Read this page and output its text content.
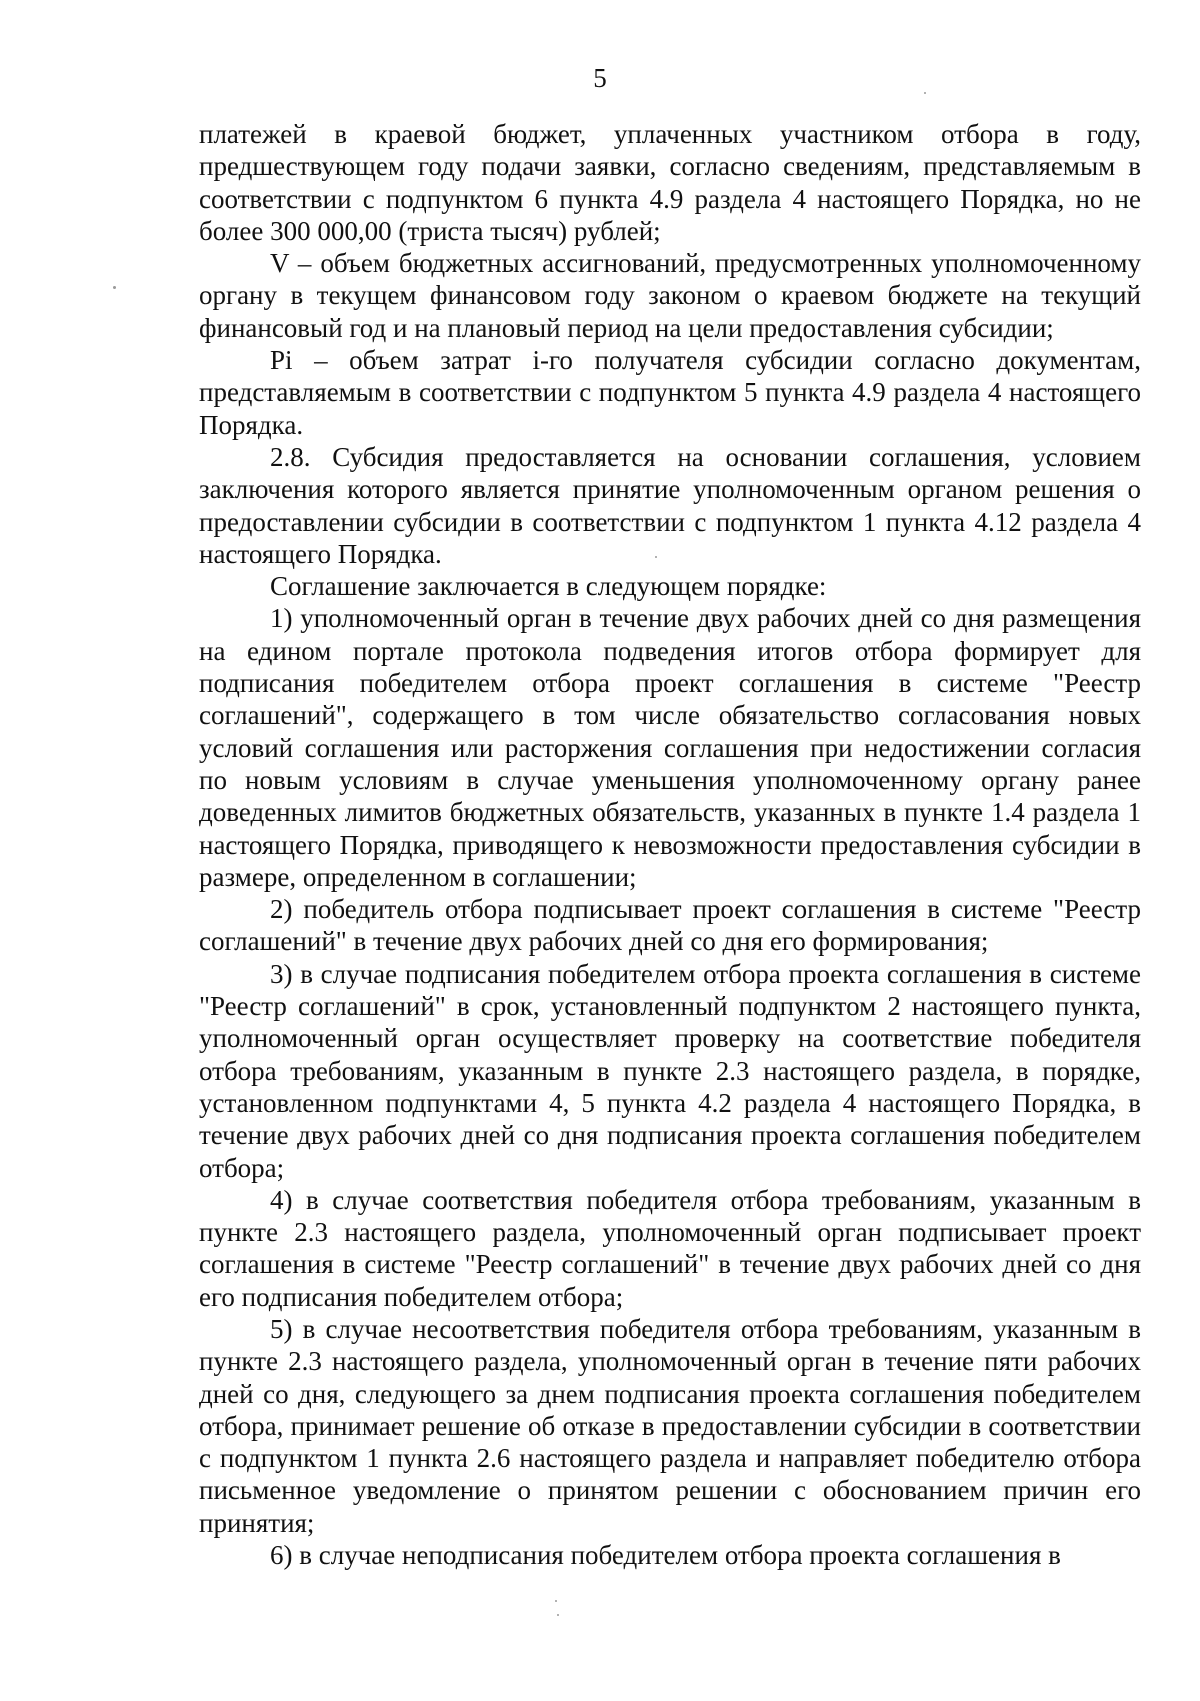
5

платежей в краевой бюджет, уплаченных участником отбора в году, предшествующем году подачи заявки, согласно сведениям, представляемым в соответствии с подпунктом 6 пункта 4.9 раздела 4 настоящего Порядка, но не более 300 000,00 (триста тысяч) рублей;

V – объем бюджетных ассигнований, предусмотренных уполномоченному органу в текущем финансовом году законом о краевом бюджете на текущий финансовый год и на плановый период на цели предоставления субсидии;

Pi – объем затрат i-го получателя субсидии согласно документам, представляемым в соответствии с подпунктом 5 пункта 4.9 раздела 4 настоящего Порядка.

2.8. Субсидия предоставляется на основании соглашения, условием заключения которого является принятие уполномоченным органом решения о предоставлении субсидии в соответствии с подпунктом 1 пункта 4.12 раздела 4 настоящего Порядка.

Соглашение заключается в следующем порядке:

1) уполномоченный орган в течение двух рабочих дней со дня размещения на едином портале протокола подведения итогов отбора формирует для подписания победителем отбора проект соглашения в системе "Реестр соглашений", содержащего в том числе обязательство согласования новых условий соглашения или расторжения соглашения при недостижении согласия по новым условиям в случае уменьшения уполномоченному органу ранее доведенных лимитов бюджетных обязательств, указанных в пункте 1.4 раздела 1 настоящего Порядка, приводящего к невозможности предоставления субсидии в размере, определенном в соглашении;

2) победитель отбора подписывает проект соглашения в системе "Реестр соглашений" в течение двух рабочих дней со дня его формирования;

3) в случае подписания победителем отбора проекта соглашения в системе "Реестр соглашений" в срок, установленный подпунктом 2 настоящего пункта, уполномоченный орган осуществляет проверку на соответствие победителя отбора требованиям, указанным в пункте 2.3 настоящего раздела, в порядке, установленном подпунктами 4, 5 пункта 4.2 раздела 4 настоящего Порядка, в течение двух рабочих дней со дня подписания проекта соглашения победителем отбора;

4) в случае соответствия победителя отбора требованиям, указанным в пункте 2.3 настоящего раздела, уполномоченный орган подписывает проект соглашения в системе "Реестр соглашений" в течение двух рабочих дней со дня его подписания победителем отбора;

5) в случае несоответствия победителя отбора требованиям, указанным в пункте 2.3 настоящего раздела, уполномоченный орган в течение пяти рабочих дней со дня, следующего за днем подписания проекта соглашения победителем отбора, принимает решение об отказе в предоставлении субсидии в соответствии с подпунктом 1 пункта 2.6 настоящего раздела и направляет победителю отбора письменное уведомление о принятом решении с обоснованием причин его принятия;

6) в случае неподписания победителем отбора проекта соглашения в
